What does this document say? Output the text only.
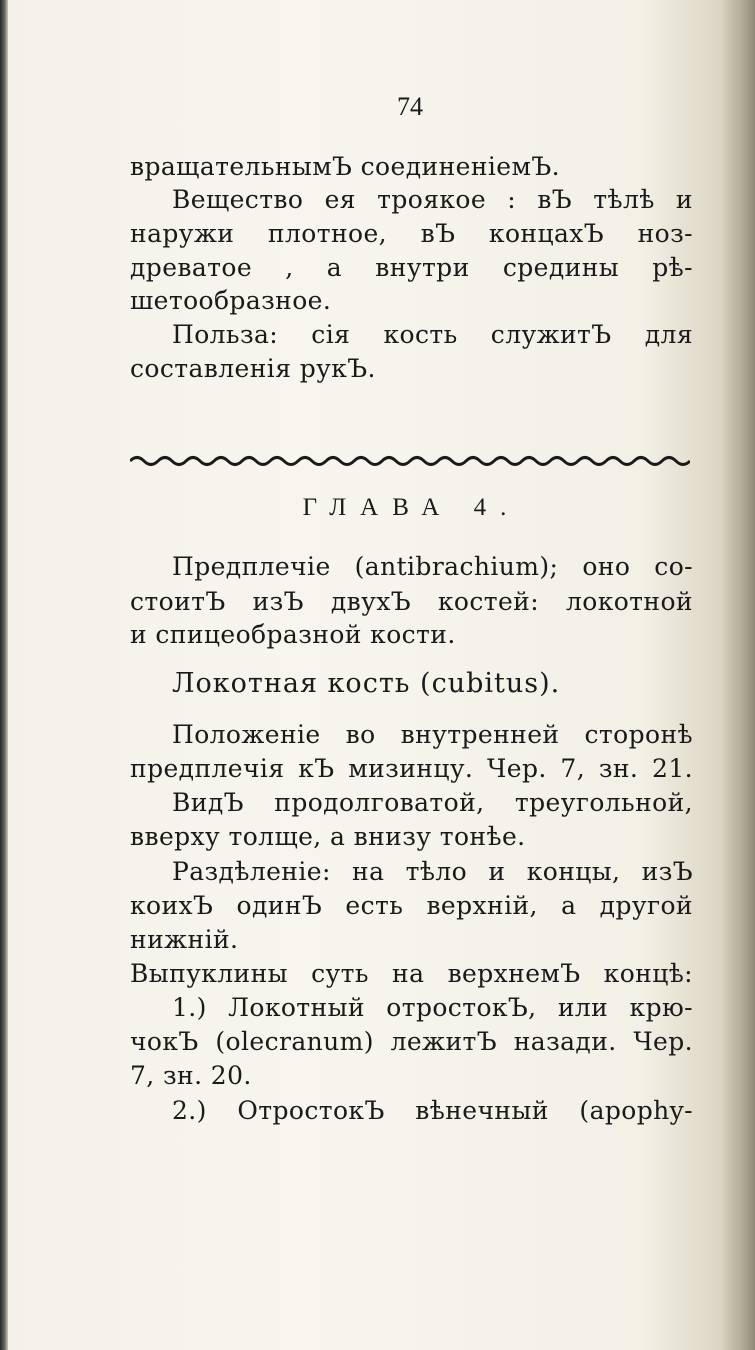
74
вращательнымЪ соединеніемЪ.
Вещество ея троякое : вЪ тѣлѣ и
наружи плотное, вЪ концахЪ ноз-
древатое , а внутри средины рѣ-
шетообразное.
Польза: сія кость служитЪ для
составленія рукЪ.
ГЛАВА 4.
Предплечіе (antibrachium); оно со-
стоитЪ изЪ двухЪ костей: локотной
и спицеобразной кости.
Локотная кость (cubitus).
Положеніе во внутренней сторонѣ
предплечія кЪ мизинцу. Чер. 7, зн. 21.
ВидЪ продолговатой, треугольной,
вверху толще, а внизу тонѣе.
Раздѣленіе: на тѣло и концы, изЪ
коихЪ одинЪ есть верхній, а другой
нижній.
Выпуклины суть на верхнемЪ концѣ:
1.) Локотный отростокЪ, или крю-
чокЪ (olecranum) лежитЪ назади. Чер.
7, зн. 20.
2.) ОтростокЪ вѣнечный (apophy-
